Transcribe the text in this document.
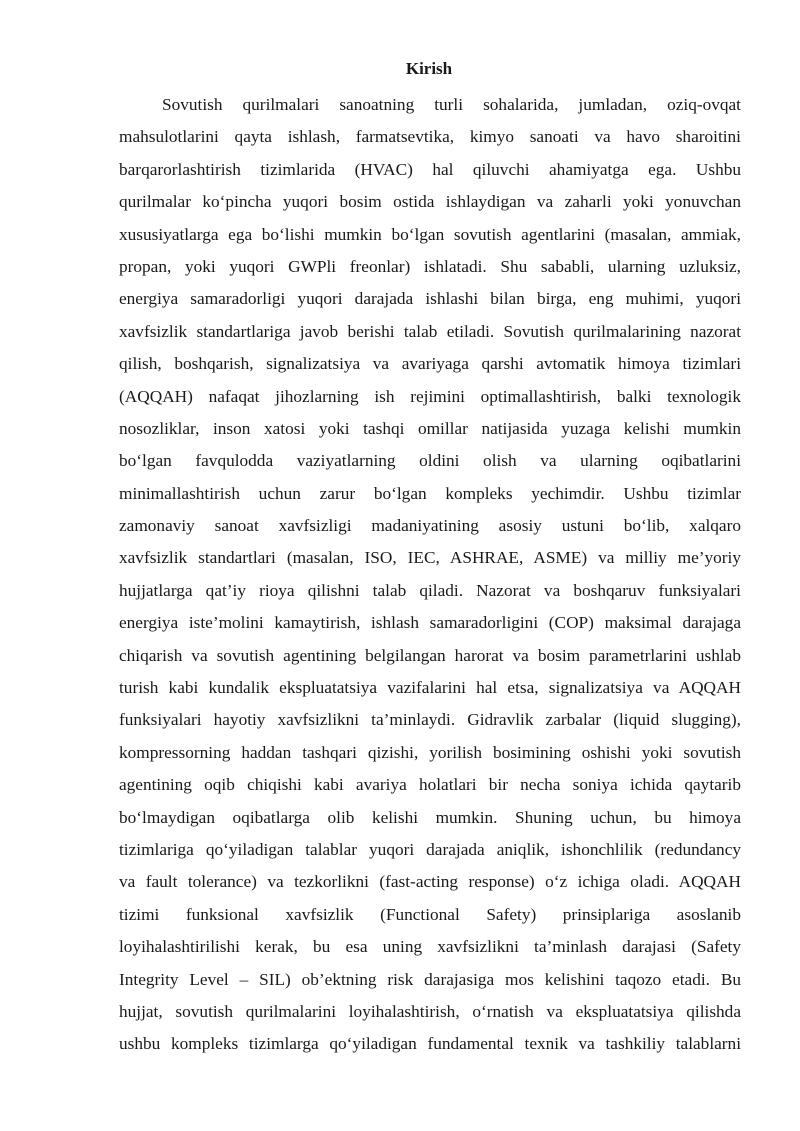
Kirish
Sovutish qurilmalari sanoatning turli sohalarida, jumladan, oziq-ovqat
mahsulotlarini qayta ishlash, farmatsevtika, kimyo sanoati va havo sharoitini
barqarorlashtirish tizimlarida (HVAC) hal qiluvchi ahamiyatga ega. Ushbu
qurilmalar ko‘pincha yuqori bosim ostida ishlaydigan va zaharli yoki yonuvchan
xususiyatlarga ega bo‘lishi mumkin bo‘lgan sovutish agentlarini (masalan, ammiak,
propan, yoki yuqori GWPli freonlar) ishlatadi. Shu sababli, ularning uzluksiz,
energiya samaradorligi yuqori darajada ishlashi bilan birga, eng muhimi, yuqori
xavfsizlik standartlariga javob berishi talab etiladi. Sovutish qurilmalarining nazorat
qilish, boshqarish, signalizatsiya va avariyaga qarshi avtomatik himoya tizimlari
(AQQAH) nafaqat jihozlarning ish rejimini optimallashtirish, balki texnologik
nosozliklar, inson xatosi yoki tashqi omillar natijasida yuzaga kelishi mumkin
bo‘lgan favqulodda vaziyatlarning oldini olish va ularning oqibatlarini
minimallashtirish uchun zarur bo‘lgan kompleks yechimdir. Ushbu tizimlar
zamonaviy sanoat xavfsizligi madaniyatining asosiy ustuni bo‘lib, xalqaro
xavfsizlik standartlari (masalan, ISO, IEC, ASHRAE, ASME) va milliy me’yoriy
hujjatlarga qat’iy rioya qilishni talab qiladi. Nazorat va boshqaruv funksiyalari
energiya iste’molini kamaytirish, ishlash samaradorligini (COP) maksimal darajaga
chiqarish va sovutish agentining belgilangan harorat va bosim parametrlarini ushlab
turish kabi kundalik ekspluatatsiya vazifalarini hal etsa, signalizatsiya va AQQAH
funksiyalari hayotiy xavfsizlikni ta’minlaydi. Gidravlik zarbalar (liquid slugging),
kompressorning haddan tashqari qizishi, yorilish bosimining oshishi yoki sovutish
agentining oqib chiqishi kabi avariya holatlari bir necha soniya ichida qaytarib
bo‘lmaydigan oqibatlarga olib kelishi mumkin. Shuning uchun, bu himoya
tizimlariga qo‘yiladigan talablar yuqori darajada aniqlik, ishonchlilik (redundancy
va fault tolerance) va tezkorlikni (fast-acting response) o‘z ichiga oladi. AQQAH
tizimi funksional xavfsizlik (Functional Safety) prinsiplariga asoslanib
loyihalashtirilishi kerak, bu esa uning xavfsizlikni ta’minlash darajasi (Safety
Integrity Level – SIL) ob’ektning risk darajasiga mos kelishini taqozo etadi. Bu
hujjat, sovutish qurilmalarini loyihalashtirish, o‘rnatish va ekspluatatsiya qilishda
ushbu kompleks tizimlarga qo‘yiladigan fundamental texnik va tashkiliy talablarni
